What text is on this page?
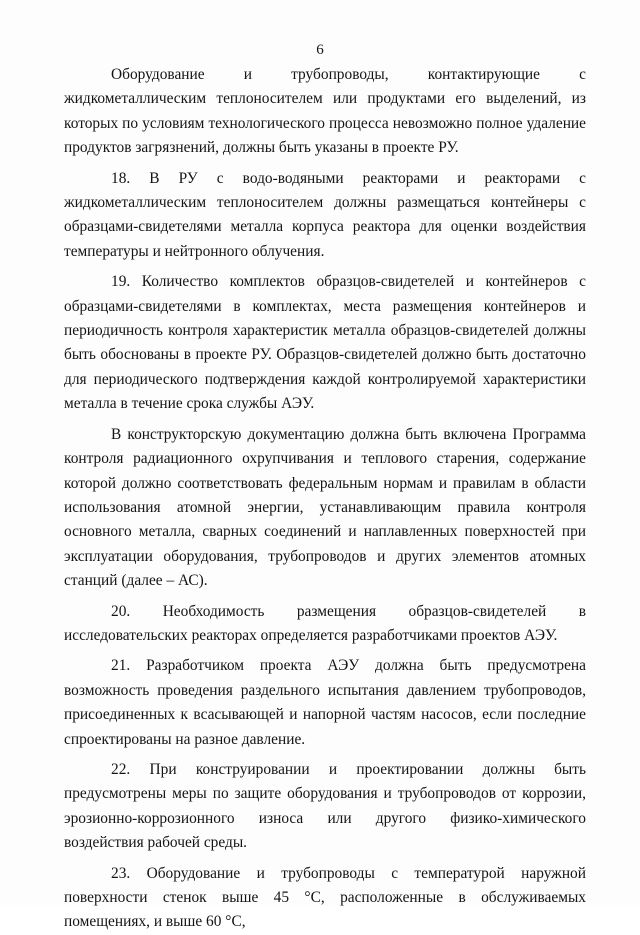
6

Оборудование и трубопроводы, контактирующие с жидкометаллическим теплоносителем или продуктами его выделений, из которых по условиям технологического процесса невозможно полное удаление продуктов загрязнений, должны быть указаны в проекте РУ.

18. В РУ с водо-водяными реакторами и реакторами с жидкометаллическим теплоносителем должны размещаться контейнеры с образцами-свидетелями металла корпуса реактора для оценки воздействия температуры и нейтронного облучения.

19. Количество комплектов образцов-свидетелей и контейнеров с образцами-свидетелями в комплектах, места размещения контейнеров и периодичность контроля характеристик металла образцов-свидетелей должны быть обоснованы в проекте РУ. Образцов-свидетелей должно быть достаточно для периодического подтверждения каждой контролируемой характеристики металла в течение срока службы АЭУ.

В конструкторскую документацию должна быть включена Программа контроля радиационного охрупчивания и теплового старения, содержание которой должно соответствовать федеральным нормам и правилам в области использования атомной энергии, устанавливающим правила контроля основного металла, сварных соединений и наплавленных поверхностей при эксплуатации оборудования, трубопроводов и других элементов атомных станций (далее – АС).

20. Необходимость размещения образцов-свидетелей в исследовательских реакторах определяется разработчиками проектов АЭУ.

21. Разработчиком проекта АЭУ должна быть предусмотрена возможность проведения раздельного испытания давлением трубопроводов, присоединенных к всасывающей и напорной частям насосов, если последние спроектированы на разное давление.

22. При конструировании и проектировании должны быть предусмотрены меры по защите оборудования и трубопроводов от коррозии, эрозионно-коррозионного износа или другого физико-химического воздействия рабочей среды.

23. Оборудование и трубопроводы с температурой наружной поверхности стенок выше 45 °С, расположенные в обслуживаемых помещениях, и выше 60 °С,
